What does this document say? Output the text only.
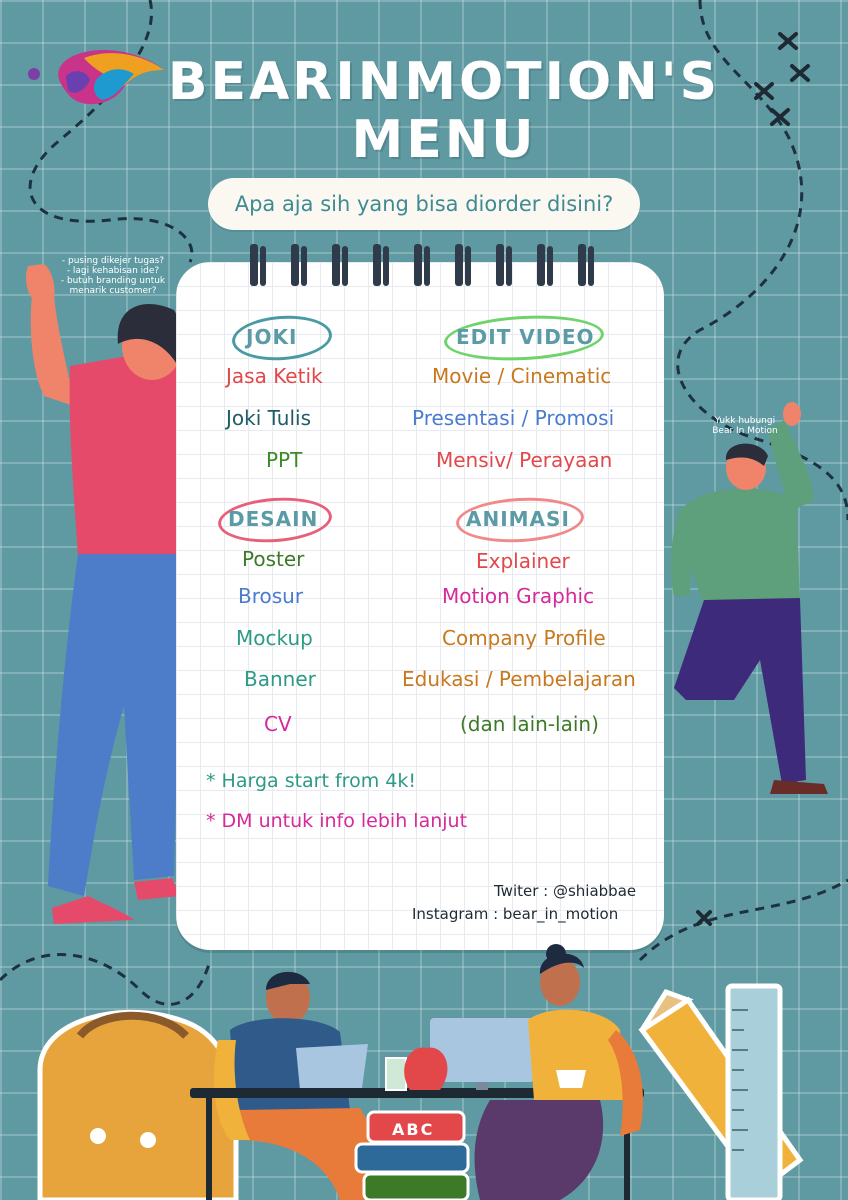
BEARINMOTION'S
MENU
Apa aja sih yang bisa diorder disini?
- pusing dikejer tugas?
- lagi kehabisan ide?
- butuh branding untuk
menarik customer?
Yukk hubungi
Bear In Motion
JOKI
Jasa Ketik
Joki Tulis
PPT
EDIT VIDEO
Movie / Cinematic
Presentasi / Promosi
Mensiv/ Perayaan
DESAIN
Poster
Brosur
Mockup
Banner
CV
ANIMASI
Explainer
Motion Graphic
Company Profile
Edukasi / Pembelajaran
(dan lain-lain)
* Harga start from 4k!
* DM untuk info lebih lanjut
Twiter : @shiabbae
Instagram : bear_in_motion
ABC
